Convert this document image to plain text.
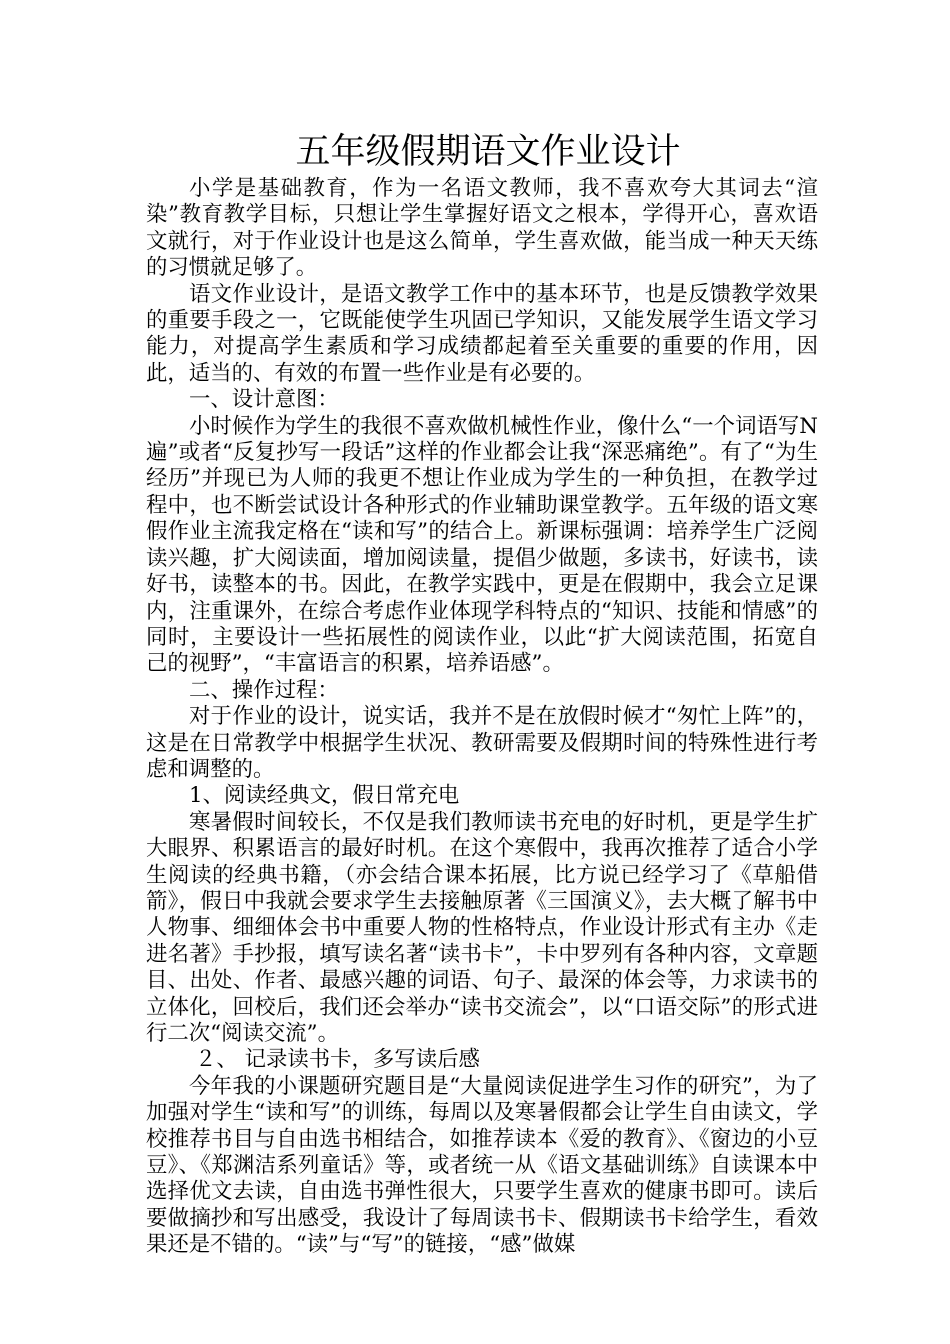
五年级假期语文作业设计

小学是基础教育，作为一名语文教师，我不喜欢夸大其词去“渲染”教育教学目标，只想让学生掌握好语文之根本，学得开心，喜欢语文就行，对于作业设计也是这么简单，学生喜欢做，能当成一种天天练的习惯就足够了。

语文作业设计，是语文教学工作中的基本环节，也是反馈教学效果的重要手段之一，它既能使学生巩固已学知识，又能发展学生语文学习能力，对提高学生素质和学习成绩都起着至关重要的重要的作用，因此，适当的、有效的布置一些作业是有必要的。

一、设计意图：

小时候作为学生的我很不喜欢做机械性作业，像什么“一个词语写N遍”或者“反复抄写一段话”这样的作业都会让我“深恶痛绝”。有了“为生经历”并现已为人师的我更不想让作业成为学生的一种负担，在教学过程中，也不断尝试设计各种形式的作业辅助课堂教学。五年级的语文寒假作业主流我定格在“读和写”的结合上。新课标强调：培养学生广泛阅读兴趣，扩大阅读面，增加阅读量，提倡少做题，多读书，好读书，读好书，读整本的书。因此，在教学实践中，更是在假期中，我会立足课内，注重课外，在综合考虑作业体现学科特点的“知识、技能和情感”的同时，主要设计一些拓展性的阅读作业，以此“扩大阅读范围，拓宽自己的视野”，“丰富语言的积累，培养语感”。

二、操作过程：

对于作业的设计，说实话，我并不是在放假时候才“匆忙上阵”的，这是在日常教学中根据学生状况、教研需要及假期时间的特殊性进行考虑和调整的。

1、阅读经典文，假日常充电

寒暑假时间较长，不仅是我们教师读书充电的好时机，更是学生扩大眼界、积累语言的最好时机。在这个寒假中，我再次推荐了适合小学生阅读的经典书籍，（亦会结合课本拓展，比方说已经学习了《草船借箭》，假日中我就会要求学生去接触原著《三国演义》，去大概了解书中人物事、细细体会书中重要人物的性格特点，作业设计形式有主办《走进名著》手抄报，填写读名著“读书卡”，卡中罗列有各种内容，文章题目、出处、作者、最感兴趣的词语、句子、最深的体会等，力求读书的立体化，回校后，我们还会举办“读书交流会”，以“口语交际”的形式进行二次“阅读交流”。

２、 记录读书卡，多写读后感

今年我的小课题研究题目是“大量阅读促进学生习作的研究”，为了加强对学生“读和写”的训练，每周以及寒暑假都会让学生自由读文，学校推荐书目与自由选书相结合，如推荐读本《爱的教育》、《窗边的小豆豆》、《郑渊洁系列童话》等，或者统一从《语文基础训练》自读课本中选择优文去读，自由选书弹性很大，只要学生喜欢的健康书即可。读后要做摘抄和写出感受，我设计了每周读书卡、假期读书卡给学生，看效果还是不错的。“读”与“写”的链接，“感”做媒
